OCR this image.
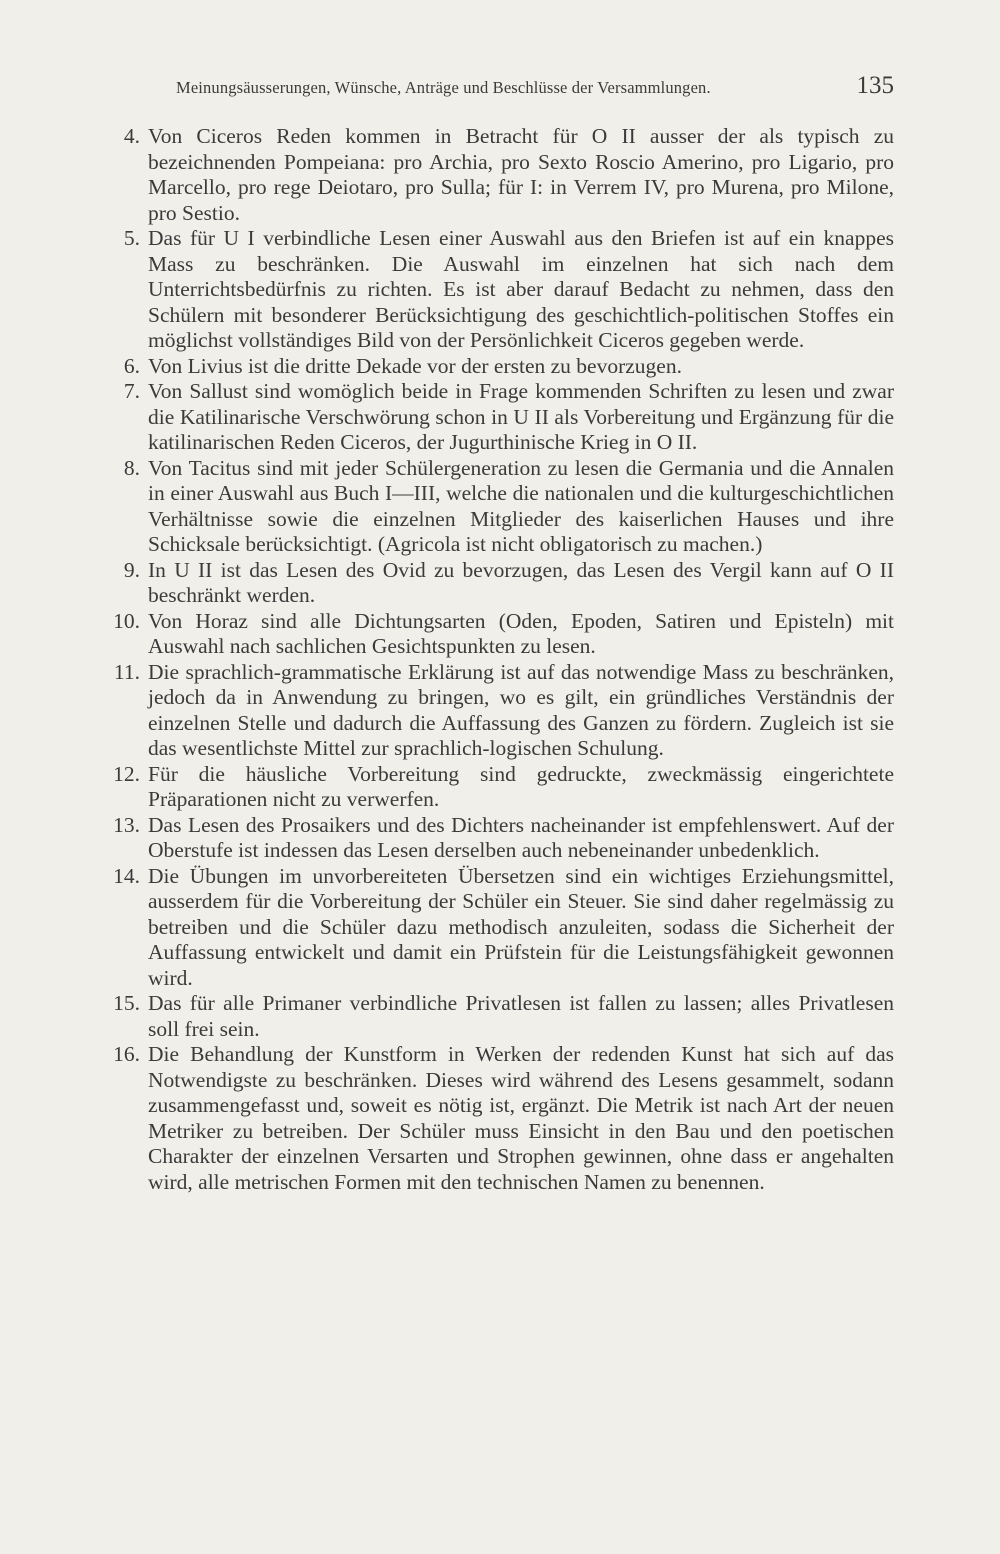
Meinungsäusserungen, Wünsche, Anträge und Beschlüsse der Versammlungen.	135
4. Von Ciceros Reden kommen in Betracht für O II ausser der als typisch zu bezeichnenden Pompeiana: pro Archia, pro Sexto Roscio Amerino, pro Ligario, pro Marcello, pro rege Deiotaro, pro Sulla; für I: in Verrem IV, pro Murena, pro Milone, pro Sestio.
5. Das für U I verbindliche Lesen einer Auswahl aus den Briefen ist auf ein knappes Mass zu beschränken. Die Auswahl im einzelnen hat sich nach dem Unterrichtsbedürfnis zu richten. Es ist aber darauf Bedacht zu nehmen, dass den Schülern mit besonderer Berücksichtigung des geschichtlich-politischen Stoffes ein möglichst vollständiges Bild von der Persönlichkeit Ciceros gegeben werde.
6. Von Livius ist die dritte Dekade vor der ersten zu bevorzugen.
7. Von Sallust sind womöglich beide in Frage kommenden Schriften zu lesen und zwar die Katilinarische Verschwörung schon in U II als Vorbereitung und Ergänzung für die katilinarischen Reden Ciceros, der Jugurthinische Krieg in O II.
8. Von Tacitus sind mit jeder Schülergeneration zu lesen die Germania und die Annalen in einer Auswahl aus Buch I—III, welche die nationalen und die kulturgeschichtlichen Verhältnisse sowie die einzelnen Mitglieder des kaiserlichen Hauses und ihre Schicksale berücksichtigt. (Agricola ist nicht obligatorisch zu machen.)
9. In U II ist das Lesen des Ovid zu bevorzugen, das Lesen des Vergil kann auf O II beschränkt werden.
10. Von Horaz sind alle Dichtungsarten (Oden, Epoden, Satiren und Episteln) mit Auswahl nach sachlichen Gesichtspunkten zu lesen.
11. Die sprachlich-grammatische Erklärung ist auf das notwendige Mass zu beschränken, jedoch da in Anwendung zu bringen, wo es gilt, ein gründliches Verständnis der einzelnen Stelle und dadurch die Auffassung des Ganzen zu fördern. Zugleich ist sie das wesentlichste Mittel zur sprachlich-logischen Schulung.
12. Für die häusliche Vorbereitung sind gedruckte, zweckmässig eingerichtete Präparationen nicht zu verwerfen.
13. Das Lesen des Prosaikers und des Dichters nacheinander ist empfehlenswert. Auf der Oberstufe ist indessen das Lesen derselben auch nebeneinander unbedenklich.
14. Die Übungen im unvorbereiteten Übersetzen sind ein wichtiges Erziehungsmittel, ausserdem für die Vorbereitung der Schüler ein Steuer. Sie sind daher regelmässig zu betreiben und die Schüler dazu methodisch anzuleiten, sodass die Sicherheit der Auffassung entwickelt und damit ein Prüfstein für die Leistungsfähigkeit gewonnen wird.
15. Das für alle Primaner verbindliche Privatlesen ist fallen zu lassen; alles Privatlesen soll frei sein.
16. Die Behandlung der Kunstform in Werken der redenden Kunst hat sich auf das Notwendigste zu beschränken. Dieses wird während des Lesens gesammelt, sodann zusammengefasst und, soweit es nötig ist, ergänzt. Die Metrik ist nach Art der neuen Metriker zu betreiben. Der Schüler muss Einsicht in den Bau und den poetischen Charakter der einzelnen Versarten und Strophen gewinnen, ohne dass er angehalten wird, alle metrischen Formen mit den technischen Namen zu benennen.
